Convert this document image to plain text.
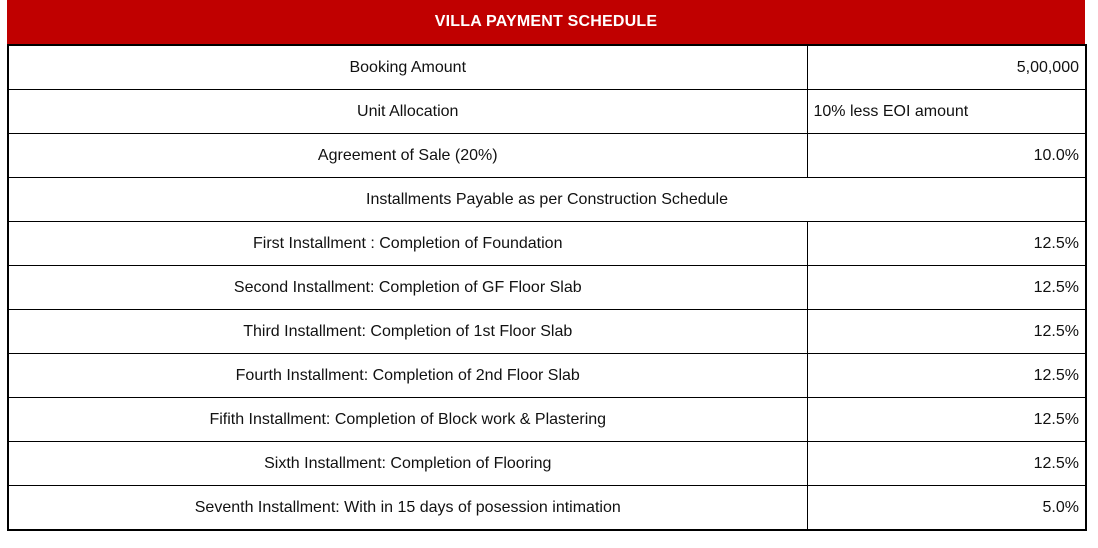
VILLA PAYMENT SCHEDULE
Booking Amount	5,00,000
Unit Allocation	10% less EOI amount
Agreement of Sale (20%)	10.0%
Installments Payable as per Construction Schedule	
First Installment : Completion of Foundation	12.5%
Second Installment: Completion of GF Floor Slab	12.5%
Third Installment: Completion of 1st Floor Slab	12.5%
Fourth Installment: Completion of 2nd Floor Slab	12.5%
Fifith Installment: Completion of Block work & Plastering	12.5%
Sixth Installment: Completion of Flooring	12.5%
Seventh Installment: With in 15 days of posession intimation	5.0%
